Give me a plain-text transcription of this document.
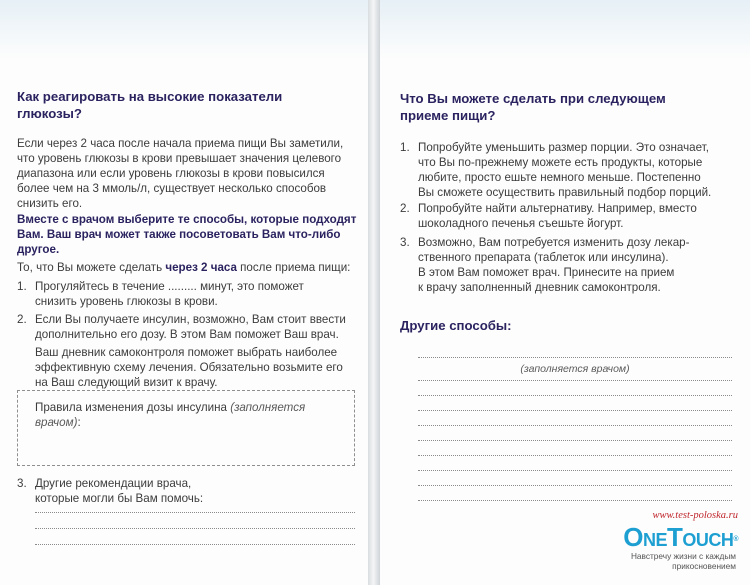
Как реагировать на высокие показатели
глюкозы?
Если через 2 часа после начала приема пищи Вы заметили,
что уровень глюкозы в крови превышает значения целевого
диапазона или если уровень глюкозы в крови повысился
более чем на 3 ммоль/л, существует несколько способов
снизить его.
Вместе с врачом выберите те способы, которые подходят
Вам. Ваш врач может также посоветовать Вам что-либо
другое.
То, что Вы можете сделать через 2 часа после приема пищи:
1. Прогуляйтесь в течение ......... минут, это поможет
снизить уровень глюкозы в крови.
2. Если Вы получаете инсулин, возможно, Вам стоит ввести
дополнительно его дозу. В этом Вам поможет Ваш врач.
Ваш дневник самоконтроля поможет выбрать наиболее
эффективную схему лечения. Обязательно возьмите его
на Ваш следующий визит к врачу.
Правила изменения дозы инсулина (заполняется врачом):
3. Другие рекомендации врача,
которые могли бы Вам помочь:
Что Вы можете сделать при следующем
приеме пищи?
1. Попробуйте уменьшить размер порции. Это означает,
что Вы по-прежнему можете есть продукты, которые
любите, просто ешьте немного меньше. Постепенно
Вы сможете осуществить правильный подбор порций.
2. Попробуйте найти альтернативу. Например, вместо
шоколадного печенья съешьте йогурт.
3. Возможно, Вам потребуется изменить дозу лекар-
ственного препарата (таблеток или инсулина).
В этом Вам поможет врач. Принесите на прием
к врачу заполненный дневник самоконтроля.
Другие способы:
(заполняется врачом)
www.test-poloska.ru
OneTouch®
Навстречу жизни с каждым
прикосновением
